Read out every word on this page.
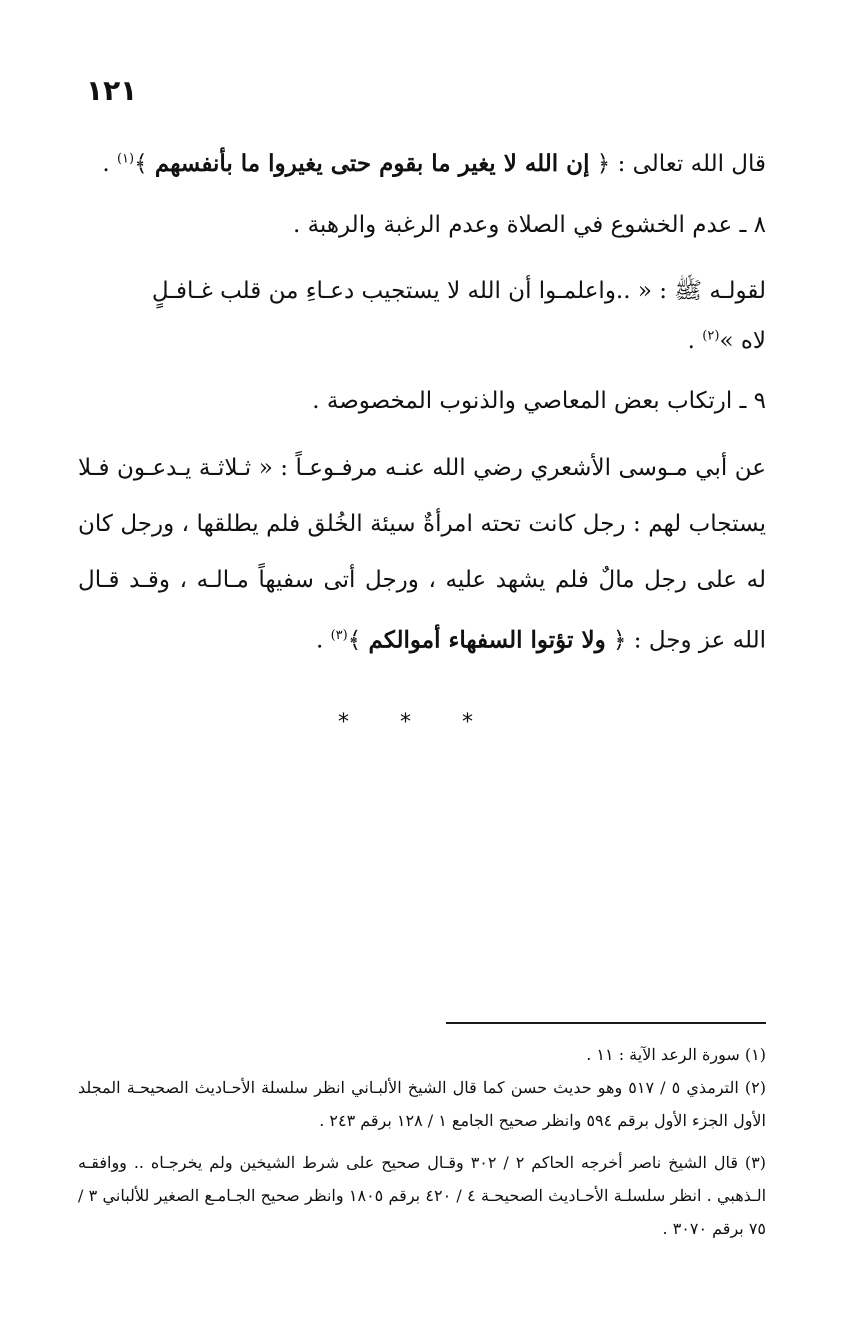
١٢١
قال الله تعالى : ﴿ إن الله لا يغير ما بقوم حتى يغيروا ما بأنفسهم ﴾$^{(١)}$ .
٨ ـ عدم الخشوع في الصلاة وعدم الرغبة والرهبة .
لقولـه ﷺ : « ..واعلمـوا أن الله لا يستجيب دعـاءِ من قلب غـافـلٍ
لاه »$^{(٢)}$ .
٩ ـ ارتكاب بعض المعاصي والذنوب المخصوصة .
عن أبي مـوسى الأشعري رضي الله عنـه مرفـوعـاً : « ثـلاثـة يـدعـون فـلا يستجاب لهم : رجل كانت تحته امرأةٌ سيئة الخُلق فلم يطلقها ، ورجل كان له على رجل مالٌ فلم يشهد عليه ، ورجل أتى سفيهاً مـالـه ، وقـد قـال الله عز وجل : ﴿ ولا تؤتوا السفهاء أموالكم ﴾$^{(٣)}$ .
* * *
(١) سورة الرعد الآية : ١١ .
(٢) الترمذي ٥ / ٥١٧ وهو حديث حسن كما قال الشيخ الألبـاني انظر سلسلة الأحـاديث الصحيحـة المجلد الأول الجزء الأول برقم ٥٩٤ وانظر صحيح الجامع ١ / ١٢٨ برقم ٢٤٣ .
(٣) قال الشيخ ناصر أخرجه الحاكم ٢ / ٣٠٢ وقـال صحيح على شرط الشيخين ولم يخرجـاه .. ووافقـه الـذهبي . انظر سلسلـة الأحـاديث الصحيحـة ٤ / ٤٢٠ برقم ١٨٠٥ وانظر صحيح الجـامـع الصغير للألباني ٣ / ٧٥ برقم ٣٠٧٠ .
